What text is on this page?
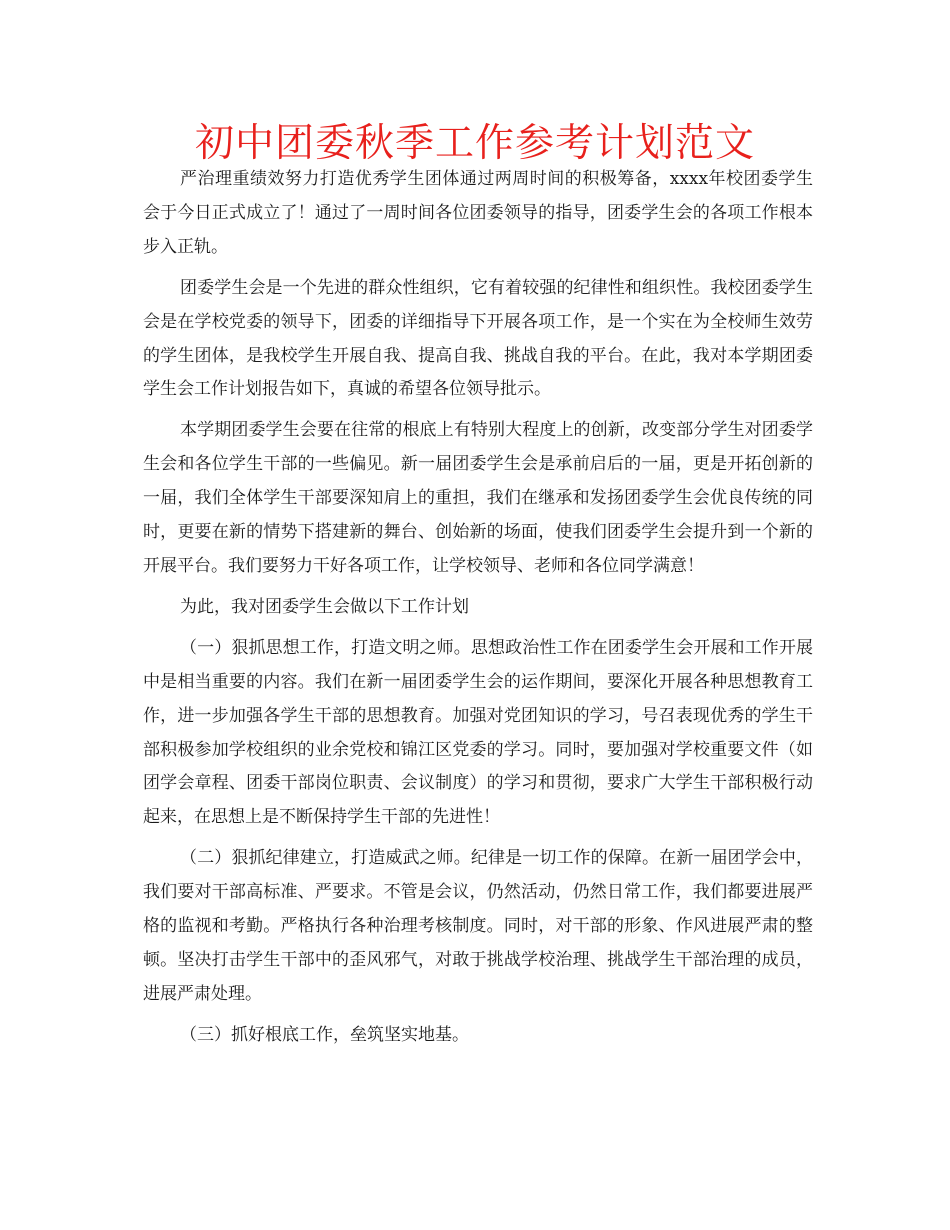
初中团委秋季工作参考计划范文

严治理重绩效努力打造优秀学生团体通过两周时间的积极筹备，xxxx年校团委学生会于今日正式成立了！通过了一周时间各位团委领导的指导，团委学生会的各项工作根本步入正轨。

团委学生会是一个先进的群众性组织，它有着较强的纪律性和组织性。我校团委学生会是在学校党委的领导下，团委的详细指导下开展各项工作，是一个实在为全校师生效劳的学生团体，是我校学生开展自我、提高自我、挑战自我的平台。在此，我对本学期团委学生会工作计划报告如下，真诚的希望各位领导批示。

本学期团委学生会要在往常的根底上有特别大程度上的创新，改变部分学生对团委学生会和各位学生干部的一些偏见。新一届团委学生会是承前启后的一届，更是开拓创新的一届，我们全体学生干部要深知肩上的重担，我们在继承和发扬团委学生会优良传统的同时，更要在新的情势下搭建新的舞台、创始新的场面，使我们团委学生会提升到一个新的开展平台。我们要努力干好各项工作，让学校领导、老师和各位同学满意！

为此，我对团委学生会做以下工作计划

（一）狠抓思想工作，打造文明之师。思想政治性工作在团委学生会开展和工作开展中是相当重要的内容。我们在新一届团委学生会的运作期间，要深化开展各种思想教育工作，进一步加强各学生干部的思想教育。加强对党团知识的学习，号召表现优秀的学生干部积极参加学校组织的业余党校和锦江区党委的学习。同时，要加强对学校重要文件（如团学会章程、团委干部岗位职责、会议制度）的学习和贯彻，要求广大学生干部积极行动起来，在思想上是不断保持学生干部的先进性！

（二）狠抓纪律建立，打造威武之师。纪律是一切工作的保障。在新一届团学会中，我们要对干部高标准、严要求。不管是会议，仍然活动，仍然日常工作，我们都要进展严格的监视和考勤。严格执行各种治理考核制度。同时，对干部的形象、作风进展严肃的整顿。坚决打击学生干部中的歪风邪气，对敢于挑战学校治理、挑战学生干部治理的成员，进展严肃处理。

（三）抓好根底工作，垒筑坚实地基。
